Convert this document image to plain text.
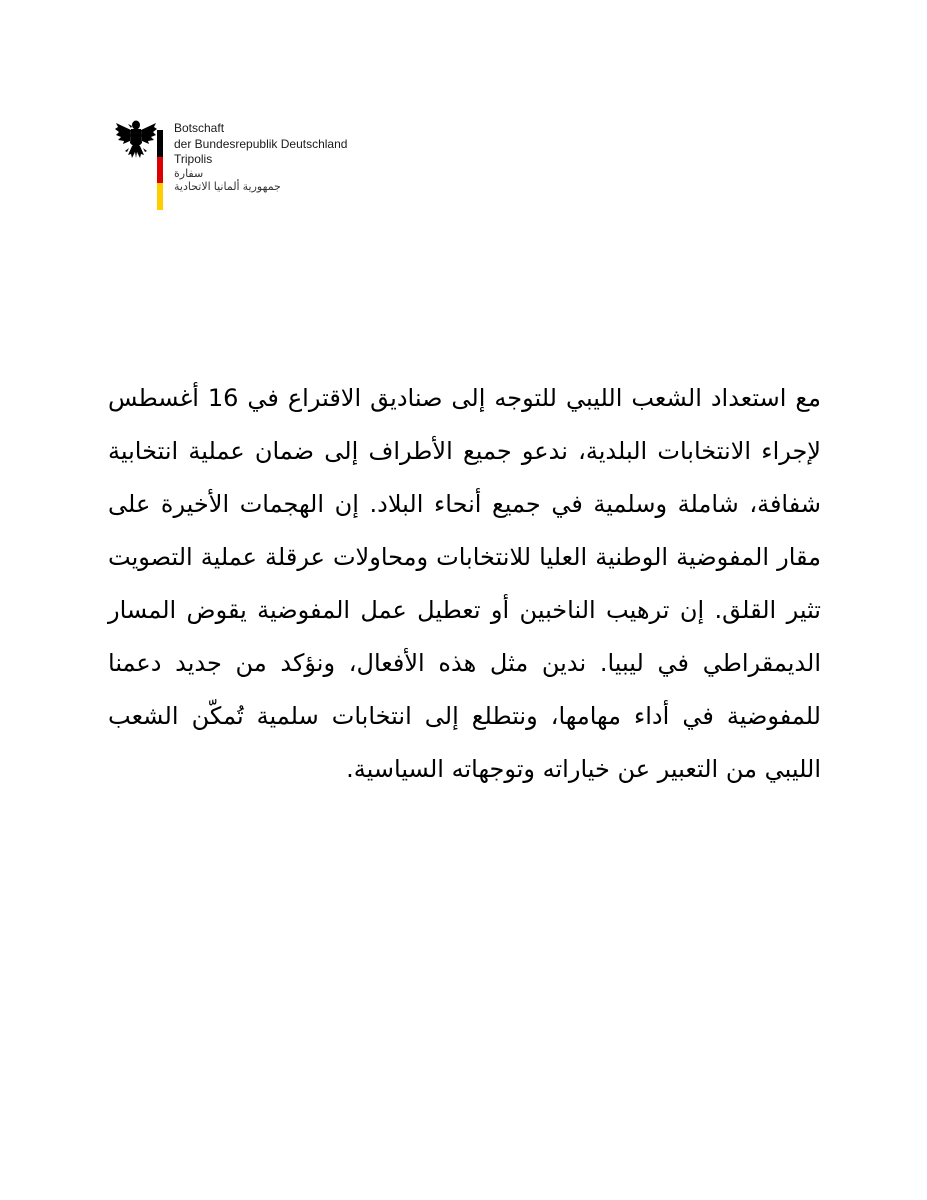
Botschaft
der Bundesrepublik Deutschland
Tripolis
سفارة
جمهورية ألمانيا الاتحادية

مع استعداد الشعب الليبي للتوجه إلى صناديق الاقتراع في 16 أغسطس لإجراء الانتخابات البلدية، ندعو جميع الأطراف إلى ضمان عملية انتخابية شفافة، شاملة وسلمية في جميع أنحاء البلاد. إن الهجمات الأخيرة على مقار المفوضية الوطنية العليا للانتخابات ومحاولات عرقلة عملية التصويت تثير القلق. إن ترهيب الناخبين أو تعطيل عمل المفوضية يقوض المسار الديمقراطي في ليبيا. ندين مثل هذه الأفعال، ونؤكد من جديد دعمنا للمفوضية في أداء مهامها، ونتطلع إلى انتخابات سلمية تُمكّن الشعب الليبي من التعبير عن خياراته وتوجهاته السياسية.
